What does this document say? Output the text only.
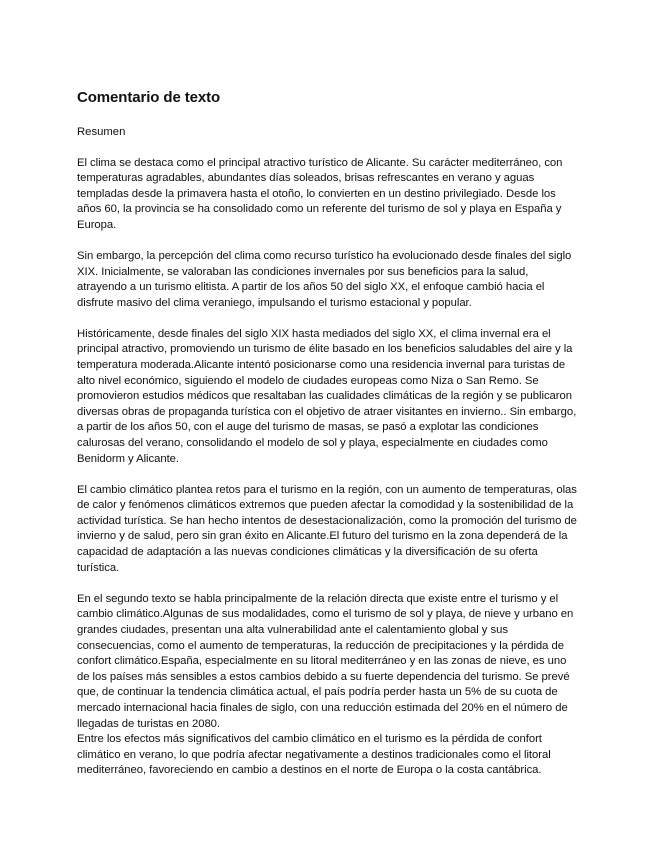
Comentario de texto

Resumen

El clima se destaca como el principal atractivo turístico de Alicante. Su carácter mediterráneo, con temperaturas agradables, abundantes días soleados, brisas refrescantes en verano y aguas templadas desde la primavera hasta el otoño, lo convierten en un destino privilegiado. Desde los años 60, la provincia se ha consolidado como un referente del turismo de sol y playa en España y Europa.

Sin embargo, la percepción del clima como recurso turístico ha evolucionado desde finales del siglo XIX. Inicialmente, se valoraban las condiciones invernales por sus beneficios para la salud, atrayendo a un turismo elitista. A partir de los años 50 del siglo XX, el enfoque cambió hacia el disfrute masivo del clima veraniego, impulsando el turismo estacional y popular.

Históricamente, desde finales del siglo XIX hasta mediados del siglo XX, el clima invernal era el principal atractivo, promoviendo un turismo de élite basado en los beneficios saludables del aire y la temperatura moderada.Alicante intentó posicionarse como una residencia invernal para turistas de alto nivel económico, siguiendo el modelo de ciudades europeas como Niza o San Remo. Se promovieron estudios médicos que resaltaban las cualidades climáticas de la región y se publicaron diversas obras de propaganda turística con el objetivo de atraer visitantes en invierno.. Sin embargo, a partir de los años 50, con el auge del turismo de masas, se pasó a explotar las condiciones calurosas del verano, consolidando el modelo de sol y playa, especialmente en ciudades como Benidorm y Alicante.

El cambio climático plantea retos para el turismo en la región, con un aumento de temperaturas, olas de calor y fenómenos climáticos extremos que pueden afectar la comodidad y la sostenibilidad de la actividad turística. Se han hecho intentos de desestacionalización, como la promoción del turismo de invierno y de salud, pero sin gran éxito en Alicante.El futuro del turismo en la zona dependerá de la capacidad de adaptación a las nuevas condiciones climáticas y la diversificación de su oferta turística.

En el segundo texto se habla principalmente de la relación directa que existe entre el turismo y el cambio climático.Algunas de sus modalidades, como el turismo de sol y playa, de nieve y urbano en grandes ciudades, presentan una alta vulnerabilidad ante el calentamiento global y sus consecuencias, como el aumento de temperaturas, la reducción de precipitaciones y la pérdida de confort climático.España, especialmente en su litoral mediterráneo y en las zonas de nieve, es uno de los países más sensibles a estos cambios debido a su fuerte dependencia del turismo. Se prevé que, de continuar la tendencia climática actual, el país podría perder hasta un 5% de su cuota de mercado internacional hacia finales de siglo, con una reducción estimada del 20% en el número de llegadas de turistas en 2080.

Entre los efectos más significativos del cambio climático en el turismo es la pérdida de confort climático en verano, lo que podría afectar negativamente a destinos tradicionales como el litoral mediterráneo, favoreciendo en cambio a destinos en el norte de Europa o la costa cantábrica.
